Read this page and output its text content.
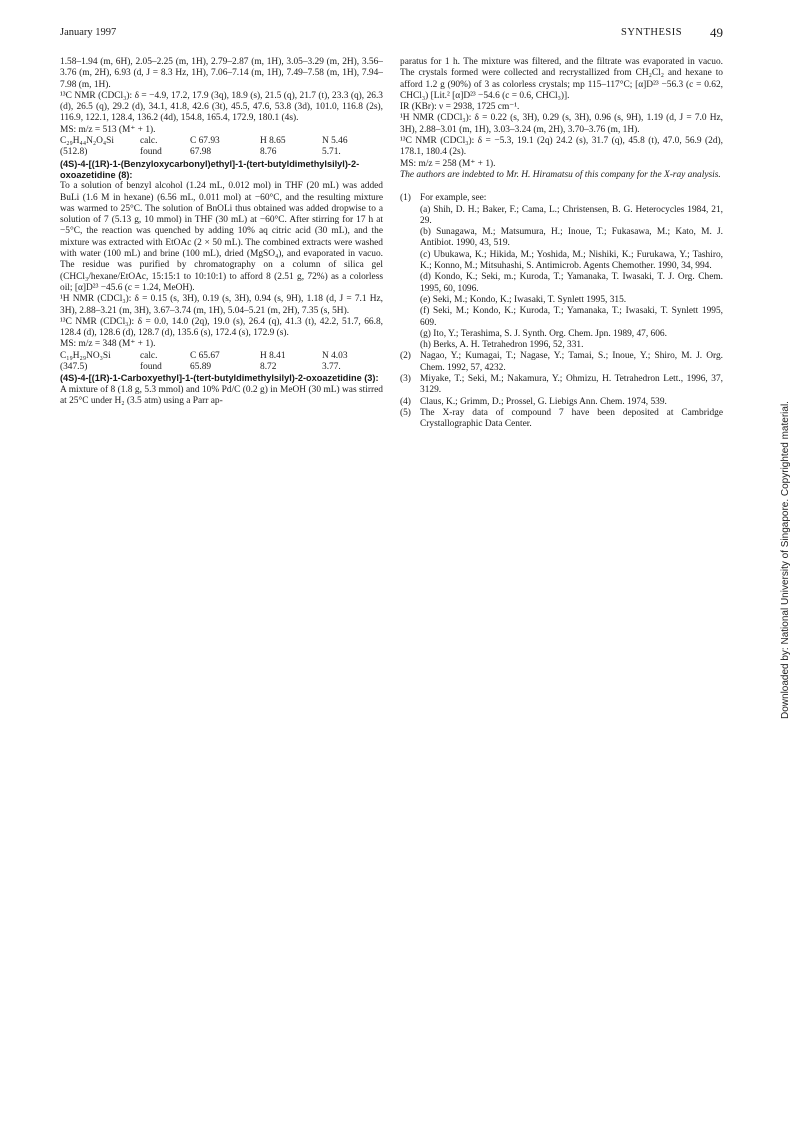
January 1997	SYNTHESIS 49

1.58–1.94 (m, 6H), 2.05–2.25 (m, 1H), 2.79–2.87 (m, 1H), 3.05–3.29 (m, 2H), 3.56–3.76 (m, 2H), 6.93 (d, J = 8.3 Hz, 1H), 7.06–7.14 (m, 1H), 7.49–7.58 (m, 1H), 7.94–7.98 (m, 1H).

¹³C NMR (CDCl₃): δ = −4.9, 17.2, 17.9 (3q), 18.9 (s), 21.5 (q), 21.7 (t), 23.3 (q), 26.3 (d), 26.5 (q), 29.2 (d), 34.1, 41.8, 42.6 (3t), 45.5, 47.6, 53.8 (3d), 101.0, 116.8 (2s), 116.9, 122.1, 128.4, 136.2 (4d), 154.8, 165.4, 172.9, 180.1 (4s).

MS: m/z = 513 (M⁺ + 1).

C₂₉H₄₄N₂O₄Si	calc.	C 67.93	H 8.65	N 5.46
(512.8)	found	67.98	8.76	5.71.

(4S)-4-[(1R)-1-(Benzyloxycarbonyl)ethyl]-1-(tert-butyldimethylsilyl)-2-oxoazetidine (8):

To a solution of benzyl alcohol (1.24 mL, 0.012 mol) in THF (20 mL) was added BuLi (1.6 M in hexane) (6.56 mL, 0.011 mol) at −60°C, and the resulting mixture was warmed to 25°C. The solution of BnOLi thus obtained was added dropwise to a solution of 7 (5.13 g, 10 mmol) in THF (30 mL) at −60°C. After stirring for 17 h at −5°C, the reaction was quenched by adding 10% aq citric acid (30 mL), and the mixture was extracted with EtOAc (2 × 50 mL). The combined extracts were washed with water (100 mL) and brine (100 mL), dried (MgSO₄), and evaporated in vacuo. The residue was purified by chromatography on a column of silica gel (CHCl₃/hexane/EtOAc, 15:15:1 to 10:10:1) to afford 8 (2.51 g, 72%) as a colorless oil; [α]D²³ −45.6 (c = 1.24, MeOH).

¹H NMR (CDCl₃): δ = 0.15 (s, 3H), 0.19 (s, 3H), 0.94 (s, 9H), 1.18 (d, J = 7.1 Hz, 3H), 2.88–3.21 (m, 3H), 3.67–3.74 (m, 1H), 5.04–5.21 (m, 2H), 7.35 (s, 5H).

¹³C NMR (CDCl₃): δ = 0.0, 14.0 (2q), 19.0 (s), 26.4 (q), 41.3 (t), 42.2, 51.7, 66.8, 128.4 (d), 128.6 (d), 128.7 (d), 135.6 (s), 172.4 (s), 172.9 (s).

MS: m/z = 348 (M⁺ + 1).

C₁₉H₂₉NO₃Si	calc.	C 65.67	H 8.41	N 4.03
(347.5)	found	65.89	8.72	3.77.

(4S)-4-[(1R)-1-Carboxyethyl]-1-(tert-butyldimethylsilyl)-2-oxoazetidine (3):

A mixture of 8 (1.8 g, 5.3 mmol) and 10% Pd/C (0.2 g) in MeOH (30 mL) was stirred at 25°C under H₂ (3.5 atm) using a Parr ap-

paratus for 1 h. The mixture was filtered, and the filtrate was evaporated in vacuo. The crystals formed were collected and recrystallized from CH₂Cl₂ and hexane to afford 1.2 g (90%) of 3 as colorless crystals; mp 115–117°C; [α]D²³ −56.3 (c = 0.62, CHCl₃) [Lit.² [α]D²³ −54.6 (c = 0.6, CHCl₃)].

IR (KBr): ν = 2938, 1725 cm⁻¹.

¹H NMR (CDCl₃): δ = 0.22 (s, 3H), 0.29 (s, 3H), 0.96 (s, 9H), 1.19 (d, J = 7.0 Hz, 3H), 2.88–3.01 (m, 1H), 3.03–3.24 (m, 2H), 3.70–3.76 (m, 1H).

¹³C NMR (CDCl₃): δ = −5.3, 19.1 (2q) 24.2 (s), 31.7 (q), 45.8 (t), 47.0, 56.9 (2d), 178.1, 180.4 (2s).

MS: m/z = 258 (M⁺ + 1).

The authors are indebted to Mr. H. Hiramatsu of this company for the X-ray analysis.

(1) For example, see:
(a) Shih, D. H.; Baker, F.; Cama, L.; Christensen, B. G. Heterocycles 1984, 21, 29.
(b) Sunagawa, M.; Matsumura, H.; Inoue, T.; Fukasawa, M.; Kato, M. J. Antibiot. 1990, 43, 519.
(c) Ubukawa, K.; Hikida, M.; Yoshida, M.; Nishiki, K.; Furukawa, Y.; Tashiro, K.; Konno, M.; Mitsuhashi, S. Antimicrob. Agents Chemother. 1990, 34, 994.
(d) Kondo, K.; Seki, m.; Kuroda, T.; Yamanaka, T. Iwasaki, T. J. Org. Chem. 1995, 60, 1096.
(e) Seki, M.; Kondo, K.; Iwasaki, T. Synlett 1995, 315.
(f) Seki, M.; Kondo, K.; Kuroda, T.; Yamanaka, T.; Iwasaki, T. Synlett 1995, 609.
(g) Ito, Y.; Terashima, S. J. Synth. Org. Chem. Jpn. 1989, 47, 606.
(h) Berks, A. H. Tetrahedron 1996, 52, 331.
(2) Nagao, Y.; Kumagai, T.; Nagase, Y.; Tamai, S.; Inoue, Y.; Shiro, M. J. Org. Chem. 1992, 57, 4232.
(3) Miyake, T.; Seki, M.; Nakamura, Y.; Ohmizu, H. Tetrahedron Lett., 1996, 37, 3129.
(4) Claus, K.; Grimm, D.; Prossel, G. Liebigs Ann. Chem. 1974, 539.
(5) The X-ray data of compound 7 have been deposited at Cambridge Crystallographic Data Center.	Downloaded by: National University of Singapore. Copyrighted material.
